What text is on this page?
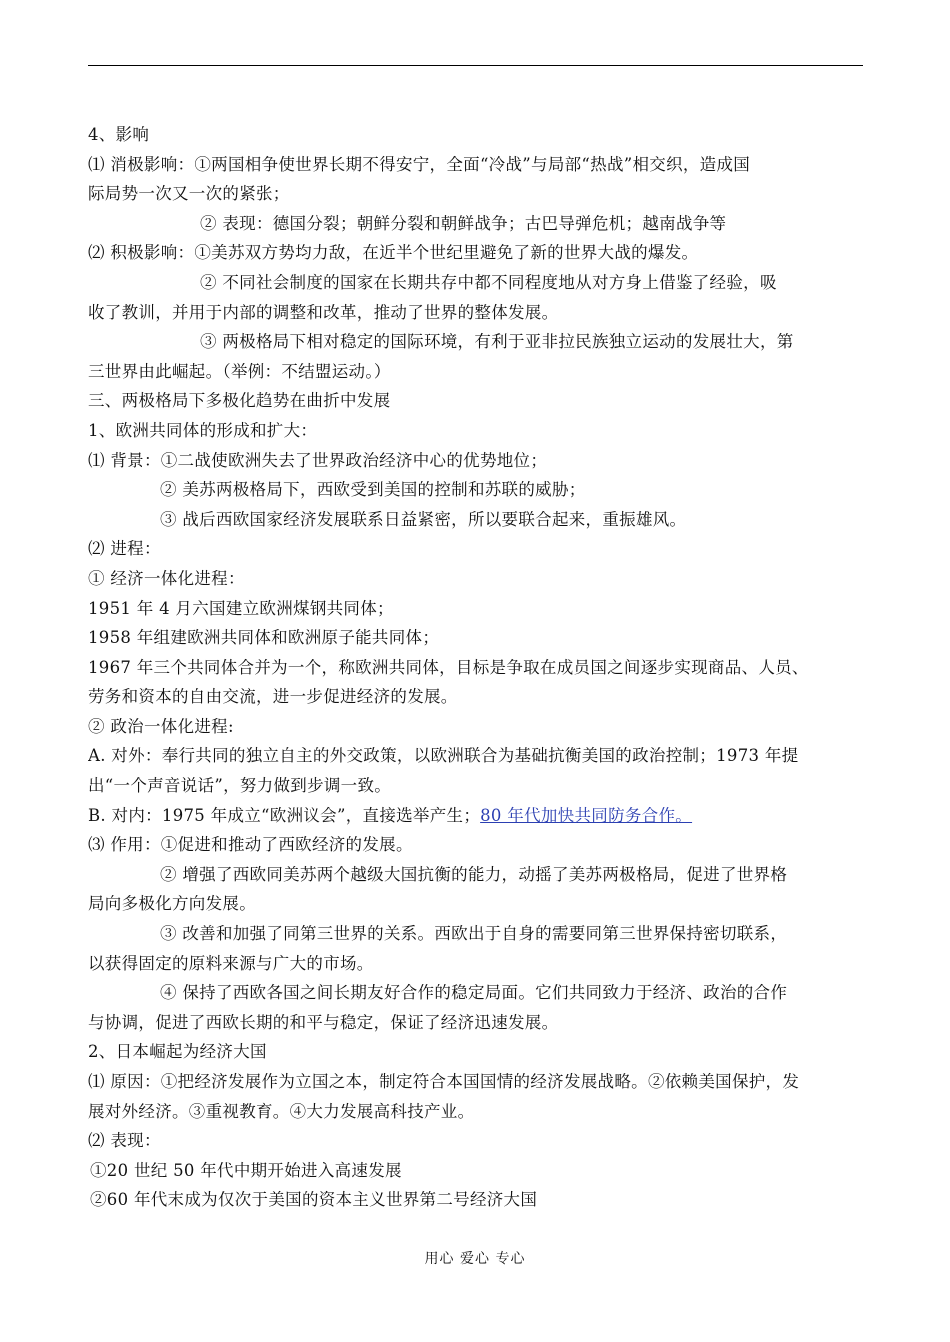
4、影响
⑴ 消极影响：①两国相争使世界长期不得安宁，全面“冷战”与局部“热战”相交织，造成国
际局势一次又一次的紧张；
② 表现：德国分裂；朝鲜分裂和朝鲜战争；古巴导弹危机；越南战争等
⑵ 积极影响：①美苏双方势均力敌，在近半个世纪里避免了新的世界大战的爆发。
② 不同社会制度的国家在长期共存中都不同程度地从对方身上借鉴了经验，吸
收了教训，并用于内部的调整和改革，推动了世界的整体发展。
③ 两极格局下相对稳定的国际环境，有利于亚非拉民族独立运动的发展壮大，第
三世界由此崛起。（举例：不结盟运动。）
三、两极格局下多极化趋势在曲折中发展
1、欧洲共同体的形成和扩大：
⑴ 背景：①二战使欧洲失去了世界政治经济中心的优势地位；
② 美苏两极格局下，西欧受到美国的控制和苏联的威胁；
③ 战后西欧国家经济发展联系日益紧密，所以要联合起来，重振雄风。
⑵ 进程：
① 经济一体化进程：
1951 年 4 月六国建立欧洲煤钢共同体；
1958 年组建欧洲共同体和欧洲原子能共同体；
1967 年三个共同体合并为一个，称欧洲共同体，目标是争取在成员国之间逐步实现商品、人员、
劳务和资本的自由交流，进一步促进经济的发展。
② 政治一体化进程:
A. 对外：奉行共同的独立自主的外交政策，以欧洲联合为基础抗衡美国的政治控制；1973 年提
出“一个声音说话”，努力做到步调一致。
B. 对内：1975 年成立“欧洲议会”，直接选举产生；80 年代加快共同防务合作。
⑶ 作用：①促进和推动了西欧经济的发展。
② 增强了西欧同美苏两个越级大国抗衡的能力，动摇了美苏两极格局，促进了世界格
局向多极化方向发展。
③ 改善和加强了同第三世界的关系。西欧出于自身的需要同第三世界保持密切联系，
以获得固定的原料来源与广大的市场。
④ 保持了西欧各国之间长期友好合作的稳定局面。它们共同致力于经济、政治的合作
与协调，促进了西欧长期的和平与稳定，保证了经济迅速发展。
2、日本崛起为经济大国
⑴ 原因：①把经济发展作为立国之本，制定符合本国国情的经济发展战略。②依赖美国保护，发
展对外经济。③重视教育。④大力发展高科技产业。
⑵ 表现：
①20 世纪 50 年代中期开始进入高速发展
②60 年代末成为仅次于美国的资本主义世界第二号经济大国
用心 爱心 专心
